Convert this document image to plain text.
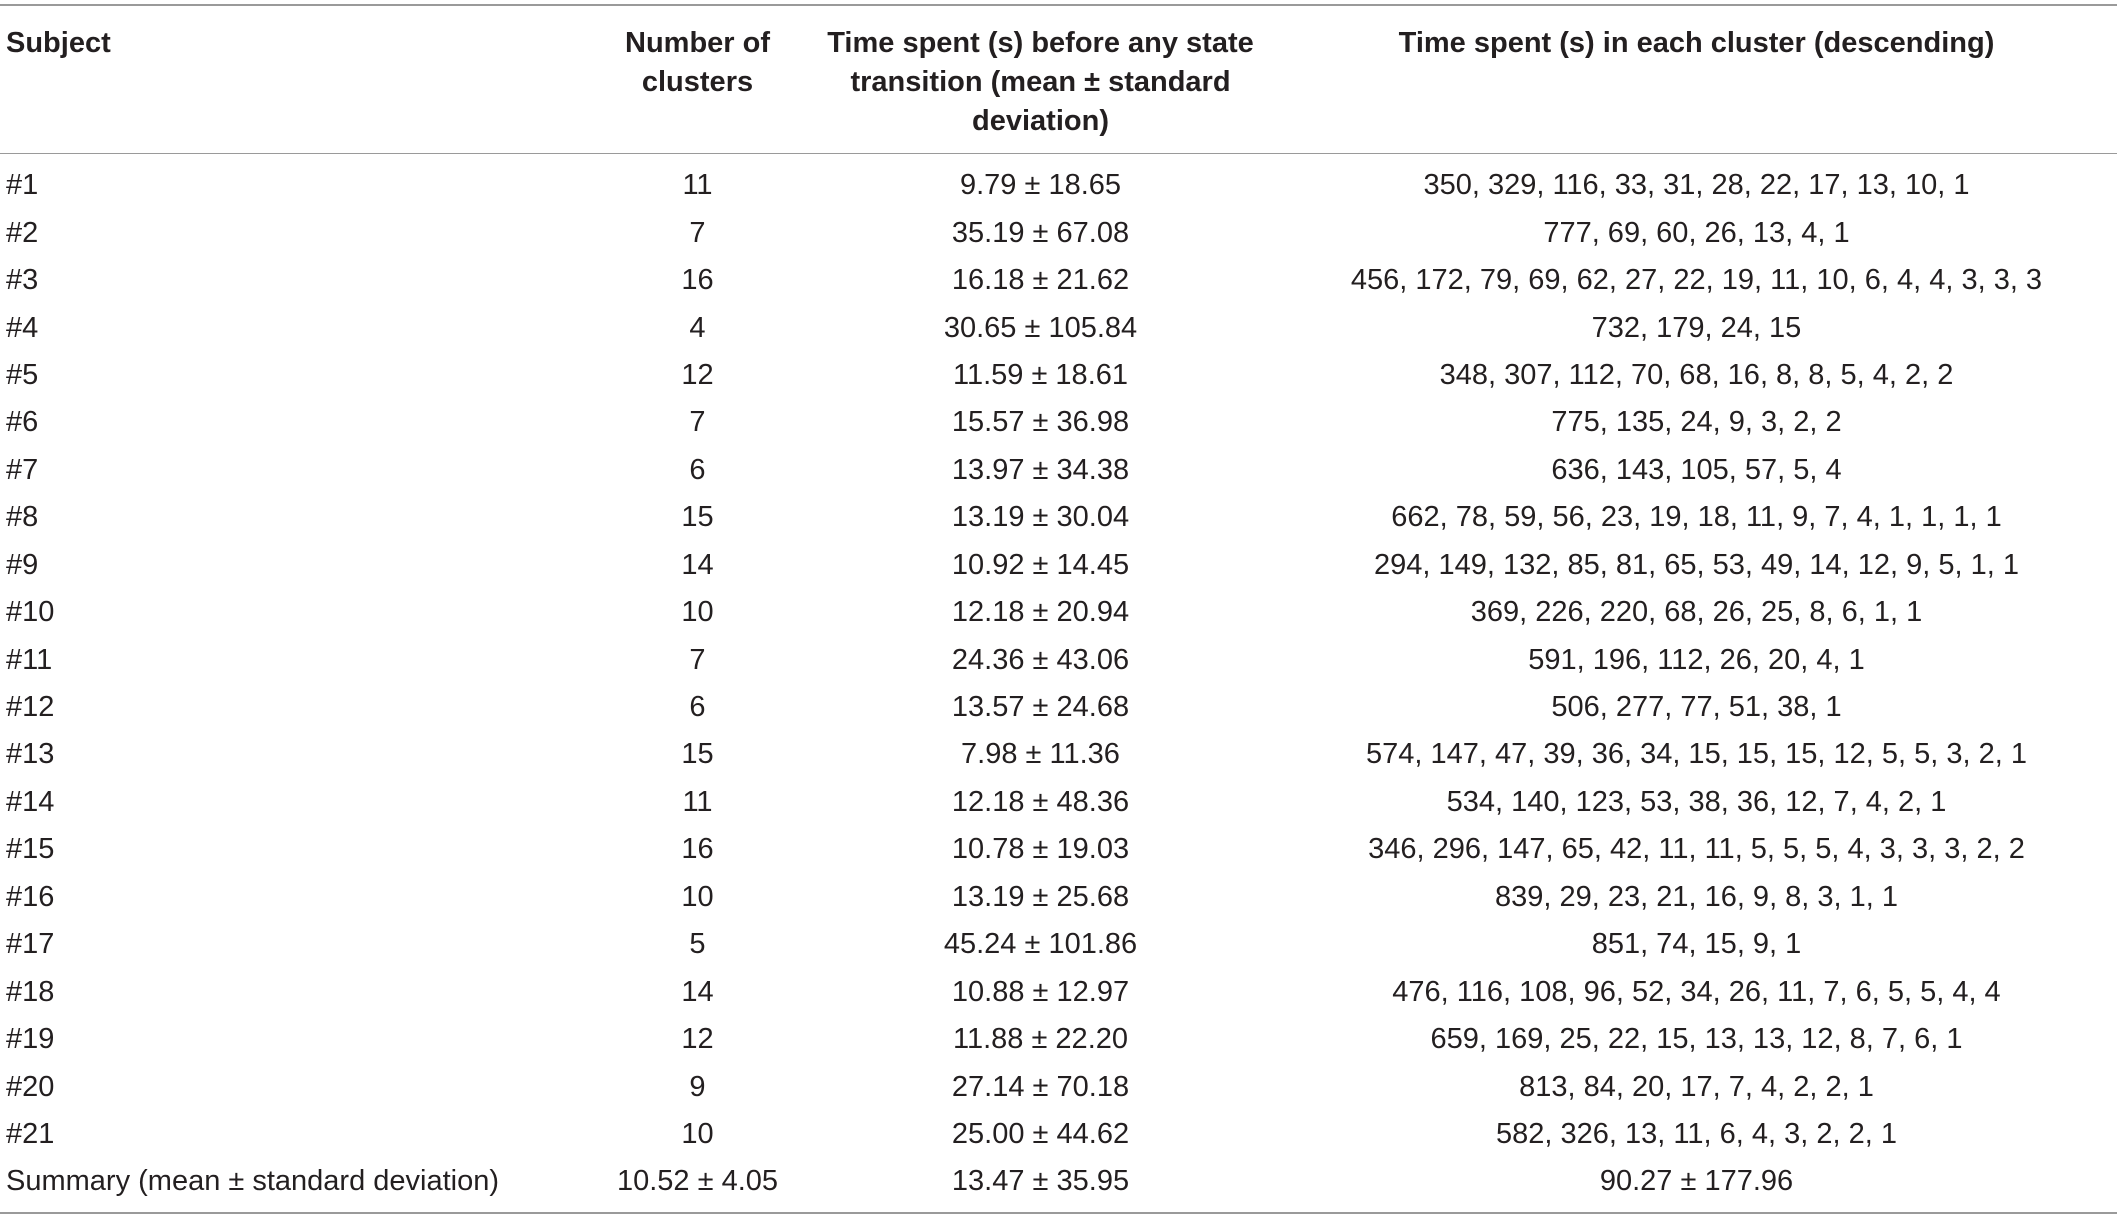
Subject	Number of clusters	Time spent (s) before any state transition (mean ± standard deviation)	Time spent (s) in each cluster (descending)
#1	11	9.79 ± 18.65	350, 329, 116, 33, 31, 28, 22, 17, 13, 10, 1
#2	7	35.19 ± 67.08	777, 69, 60, 26, 13, 4, 1
#3	16	16.18 ± 21.62	456, 172, 79, 69, 62, 27, 22, 19, 11, 10, 6, 4, 4, 3, 3, 3
#4	4	30.65 ± 105.84	732, 179, 24, 15
#5	12	11.59 ± 18.61	348, 307, 112, 70, 68, 16, 8, 8, 5, 4, 2, 2
#6	7	15.57 ± 36.98	775, 135, 24, 9, 3, 2, 2
#7	6	13.97 ± 34.38	636, 143, 105, 57, 5, 4
#8	15	13.19 ± 30.04	662, 78, 59, 56, 23, 19, 18, 11, 9, 7, 4, 1, 1, 1, 1
#9	14	10.92 ± 14.45	294, 149, 132, 85, 81, 65, 53, 49, 14, 12, 9, 5, 1, 1
#10	10	12.18 ± 20.94	369, 226, 220, 68, 26, 25, 8, 6, 1, 1
#11	7	24.36 ± 43.06	591, 196, 112, 26, 20, 4, 1
#12	6	13.57 ± 24.68	506, 277, 77, 51, 38, 1
#13	15	7.98 ± 11.36	574, 147, 47, 39, 36, 34, 15, 15, 15, 12, 5, 5, 3, 2, 1
#14	11	12.18 ± 48.36	534, 140, 123, 53, 38, 36, 12, 7, 4, 2, 1
#15	16	10.78 ± 19.03	346, 296, 147, 65, 42, 11, 11, 5, 5, 5, 4, 3, 3, 3, 2, 2
#16	10	13.19 ± 25.68	839, 29, 23, 21, 16, 9, 8, 3, 1, 1
#17	5	45.24 ± 101.86	851, 74, 15, 9, 1
#18	14	10.88 ± 12.97	476, 116, 108, 96, 52, 34, 26, 11, 7, 6, 5, 5, 4, 4
#19	12	11.88 ± 22.20	659, 169, 25, 22, 15, 13, 13, 12, 8, 7, 6, 1
#20	9	27.14 ± 70.18	813, 84, 20, 17, 7, 4, 2, 2, 1
#21	10	25.00 ± 44.62	582, 326, 13, 11, 6, 4, 3, 2, 2, 1
Summary (mean ± standard deviation)	10.52 ± 4.05	13.47 ± 35.95	90.27 ± 177.96
